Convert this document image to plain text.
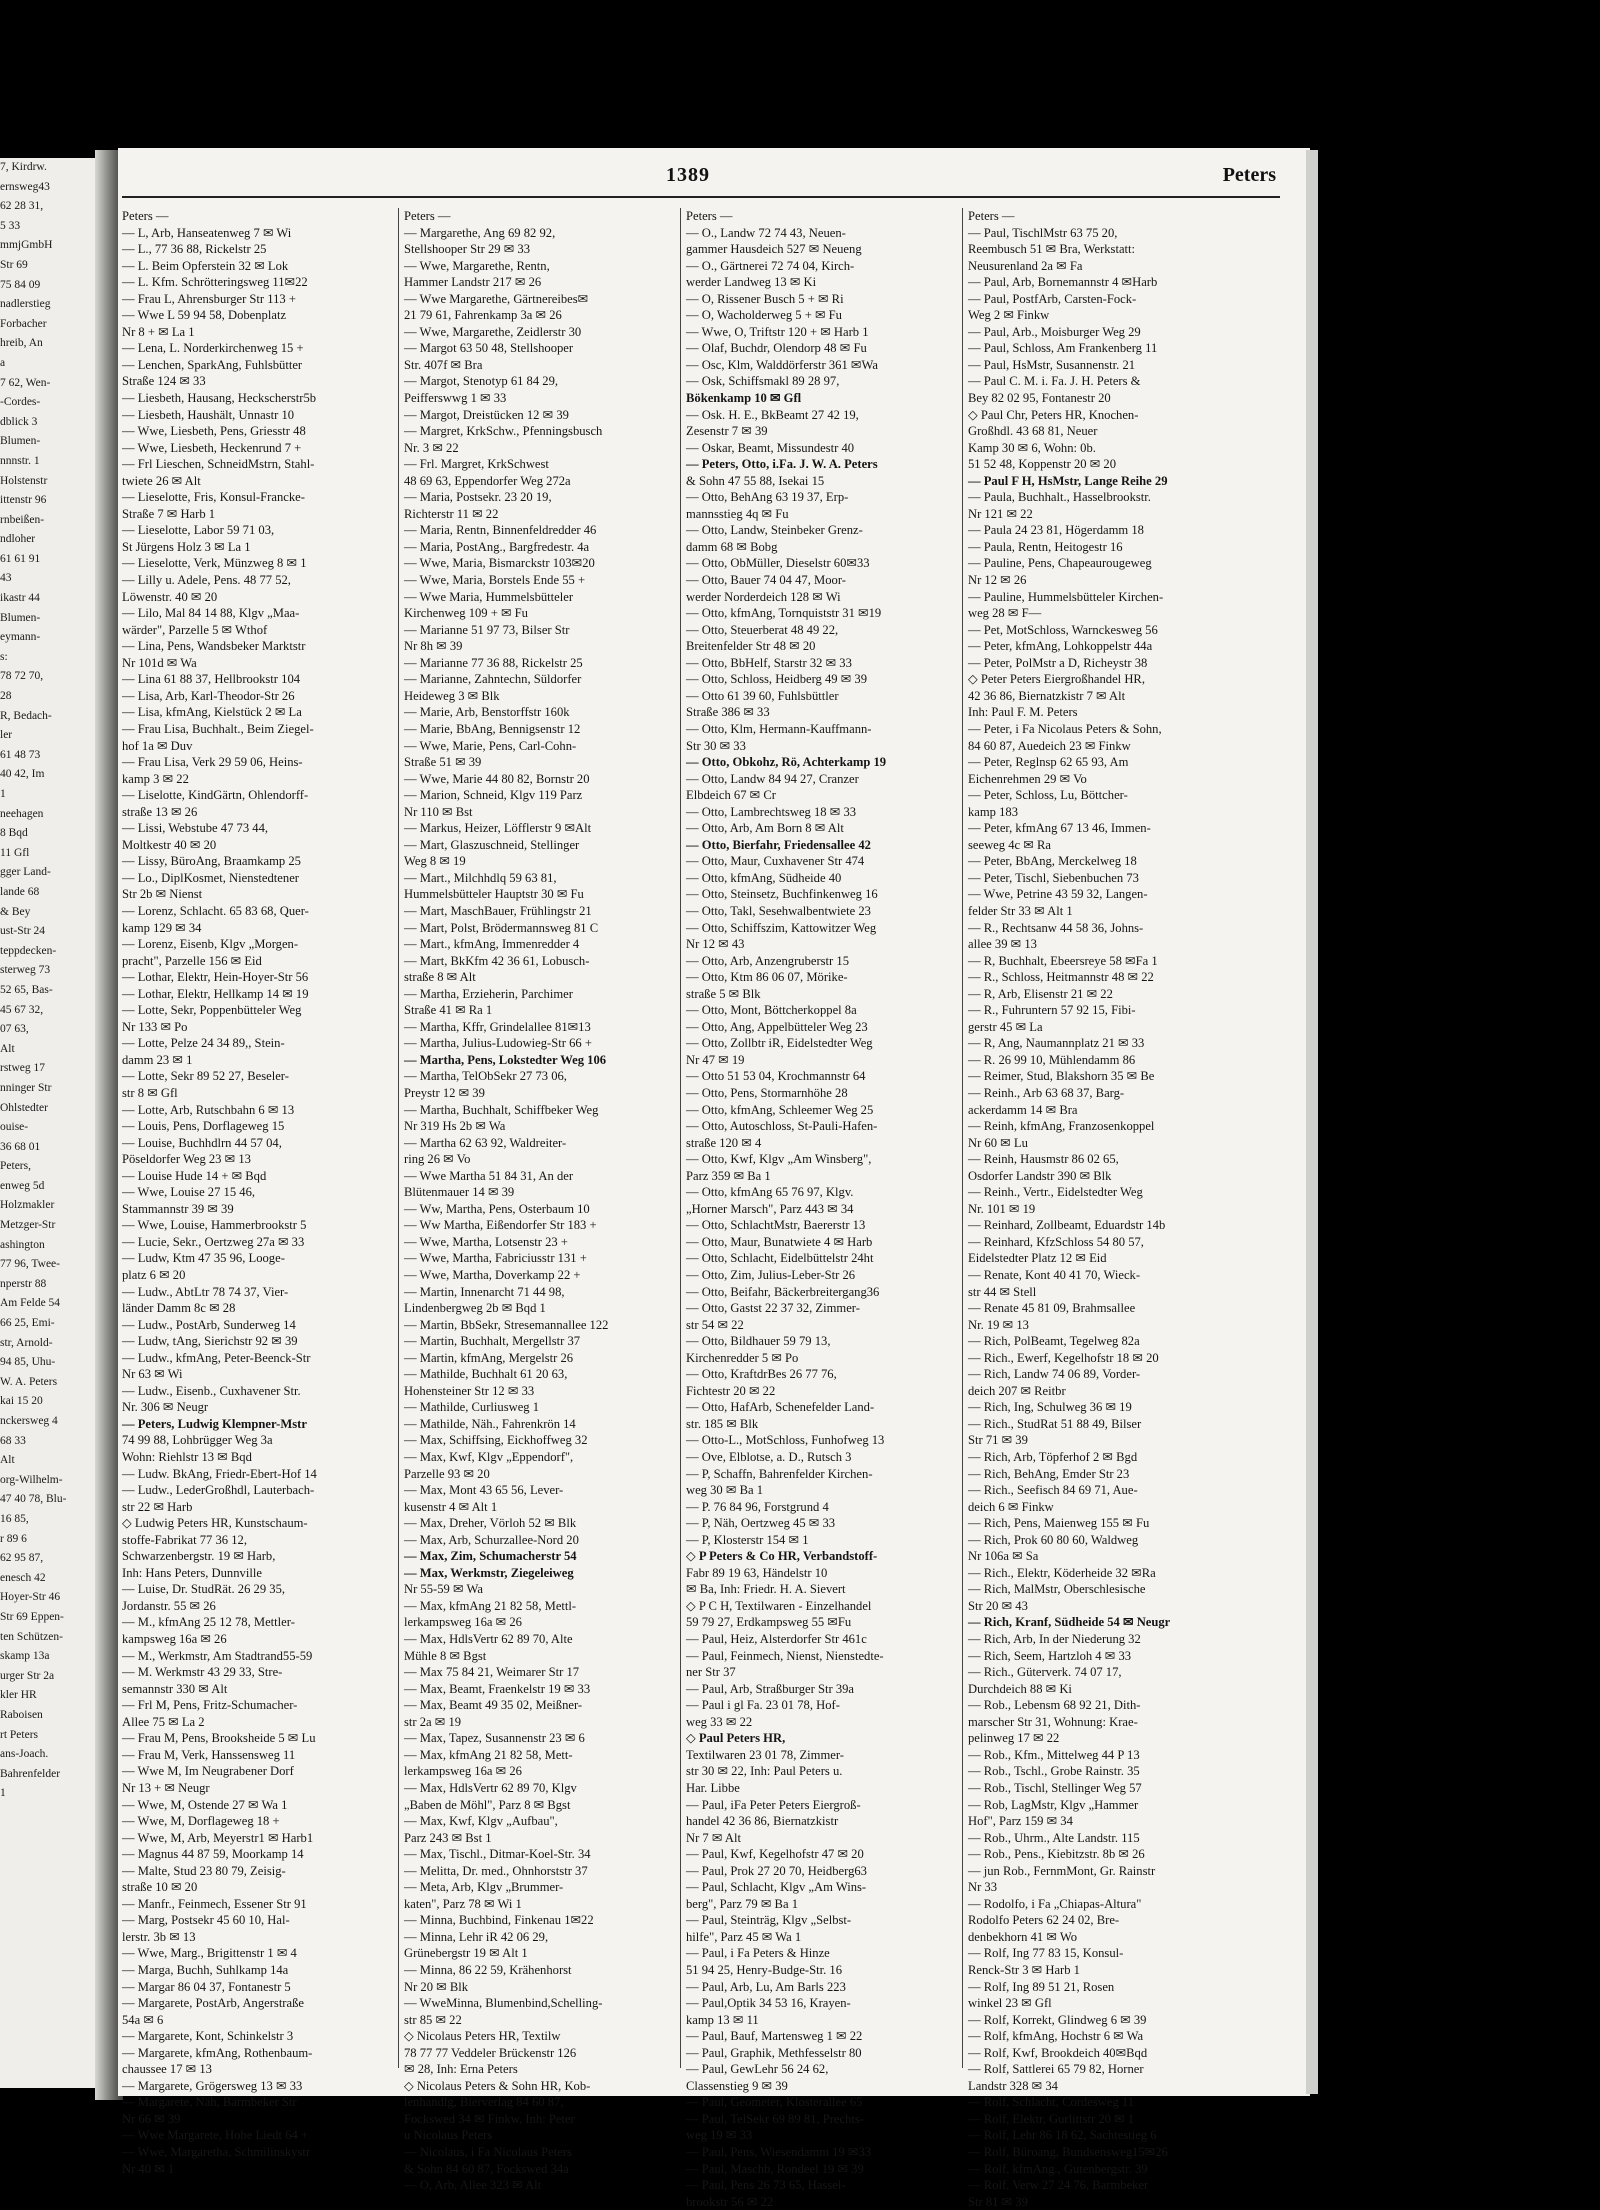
7, Kirdrw.
ernsweg43
62 28 31,
5 33
mmjGmbH
Str 69
75 84 09
nadlerstieg
Forbacher
hreib, An
a
7 62, Wen-
-Cordes-
dblick 3
Blumen-
nnnstr. 1
Holstenstr
ittenstr 96
rnbeißen-
ndloher
61 61 91
43
ikastr 44
Blumen-
eymann-
s:
78 72 70,
28
R, Bedach-
ler
61 48 73
40 42, Im
1
neehagen
8 Bqd
11 Gfl
gger Land-
lande 68
& Bey
ust-Str 24
teppdecken-
sterweg 73
52 65, Bas-
45 67 32,
07 63,
Alt
rstweg 17
nninger Str
Ohlstedter
ouise-
36 68 01
Peters,
enweg 5d
Holzmakler
Metzger-Str
ashington
77 96, Twee-
nperstr 88
Am Felde 54
66 25, Emi-
str, Arnold-
94 85, Uhu-
W. A. Peters
kai 15 20
nckersweg 4
68 33
Alt
org-Wilhelm-
47 40 78, Blu-
16 85,
r 89 6
62 95 87,
enesch 42
Hoyer-Str 46
Str 69 Eppen-
ten Schützen-
skamp 13a
urger Str 2a
kler HR
Raboisen
rt Peters
ans-Joach.
Bahrenfelder
1
1389	Peters
Peters —
— L, Arb, Hanseatenweg 7 ✉ Wi
— L., 77 36 88, Rickelstr 25
— L. Beim Opferstein 32 ✉ Lok
— L. Kfm. Schrötteringsweg 11✉22
— Frau L, Ahrensburger Str 113 +
— Wwe L 59 94 58, Dobenplatz
Nr 8 + ✉ La 1
— Lena, L. Norderkirchenweg 15 +
— Lenchen, SparkAng, Fuhlsbütter
Straße 124 ✉ 33
— Liesbeth, Hausang, Heckscherstr5b
— Liesbeth, Haushält, Unnastr 10
— Wwe, Liesbeth, Pens, Griesstr 48
— Wwe, Liesbeth, Heckenrund 7 +
— Frl Lieschen, SchneidMstrn, Stahl-
twiete 26 ✉ Alt
— Lieselotte, Fris, Konsul-Francke-
Straße 7 ✉ Harb 1
— Lieselotte, Labor 59 71 03,
St Jürgens Holz 3 ✉ La 1
— Lieselotte, Verk, Münzweg 8 ✉ 1
— Lilly u. Adele, Pens. 48 77 52,
Löwenstr. 40 ✉ 20
— Lilo, Mal 84 14 88, Klgv „Maa-
wärder", Parzelle 5 ✉ Wthof
— Lina, Pens, Wandsbeker Marktstr
Nr 101d ✉ Wa
— Lina 61 88 37, Hellbrookstr 104
— Lisa, Arb, Karl-Theodor-Str 26
— Lisa, kfmAng, Kielstück 2 ✉ La
— Frau Lisa, Buchhalt., Beim Ziegel-
hof 1a ✉ Duv
— Frau Lisa, Verk 29 59 06, Heins-
kamp 3 ✉ 22
— Liselotte, KindGärtn, Ohlendorff-
straße 13 ✉ 26
— Lissi, Webstube 47 73 44,
Moltkestr 40 ✉ 20
— Lissy, BüroAng, Braamkamp 25
— Lo., DiplKosmet, Nienstedtener
Str 2b ✉ Nienst
— Lorenz, Schlacht. 65 83 68, Quer-
kamp 129 ✉ 34
— Lorenz, Eisenb, Klgv „Morgen-
pracht", Parzelle 156 ✉ Eid
— Lothar, Elektr, Hein-Hoyer-Str 56
— Lothar, Elektr, Hellkamp 14 ✉ 19
— Lotte, Sekr, Poppenbütteler Weg
Nr 133 ✉ Po
— Lotte, Pelze 24 34 89,, Stein-
damm 23 ✉ 1
— Lotte, Sekr 89 52 27, Beseler-
str 8 ✉ Gfl
— Lotte, Arb, Rutschbahn 6 ✉ 13
— Louis, Pens, Dorflageweg 15
— Louise, Buchhdlrn 44 57 04,
Pöseldorfer Weg 23 ✉ 13
— Louise Hude 14 + ✉ Bqd
— Wwe, Louise 27 15 46,
Stammannstr 39 ✉ 39
— Wwe, Louise, Hammerbrookstr 5
— Lucie, Sekr., Oertzweg 27a ✉ 33
— Ludw, Ktm 47 35 96, Looge-
platz 6 ✉ 20
— Ludw., AbtLtr 78 74 37, Vier-
länder Damm 8c ✉ 28
— Ludw., PostArb, Sunderweg 14
— Ludw, tAng, Sierichstr 92 ✉ 39
— Ludw., kfmAng, Peter-Beenck-Str
Nr 63 ✉ Wi
— Ludw., Eisenb., Cuxhavener Str.
Nr. 306 ✉ Neugr
— Peters, Ludwig Klempner-Mstr
74 99 88, Lohbrügger Weg 3a
Wohn: Riehlstr 13 ✉ Bqd
— Ludw. BkAng, Friedr-Ebert-Hof 14
— Ludw., LederGroßhdl, Lauterbach-
str 22 ✉ Harb
◇ Ludwig Peters HR, Kunstschaum-
stoffe-Fabrikat 77 36 12,
Schwarzenbergstr. 19 ✉ Harb,
Inh: Hans Peters, Dunnville
— Luise, Dr. StudRät. 26 29 35,
Jordanstr. 55 ✉ 26
— M., kfmAng 25 12 78, Mettler-
kampsweg 16a ✉ 26
— M., Werkmstr, Am Stadtrand55-59
— M. Werkmstr 43 29 33, Stre-
semannstr 330 ✉ Alt
— Frl M, Pens, Fritz-Schumacher-
Allee 75 ✉ La 2
— Frau M, Pens, Brooksheide 5 ✉ Lu
— Frau M, Verk, Hanssensweg 11
— Wwe M, Im Neugrabener Dorf
Nr 13 + ✉ Neugr
— Wwe, M, Ostende 27 ✉ Wa 1
— Wwe, M, Dorflageweg 18 +
— Wwe, M, Arb, Meyerstr1 ✉ Harb1
— Magnus 44 87 59, Moorkamp 14
— Malte, Stud 23 80 79, Zeisig-
straße 10 ✉ 20
— Manfr., Feinmech, Essener Str 91
— Marg, Postsekr 45 60 10, Hal-
lerstr. 3b ✉ 13
— Wwe, Marg., Brigittenstr 1 ✉ 4
— Marga, Buchh, Suhlkamp 14a
— Margar 86 04 37, Fontanestr 5
— Margarete, PostArb, Angerstraße
54a ✉ 6
— Margarete, Kont, Schinkelstr 3
— Margarete, kfmAng, Rothenbaum-
chaussee 17 ✉ 13
— Margarete, Grögersweg 13 ✉ 33
— Margarete, Näh, Barmbeker Str
Nr 66 ✉ 39
— Wwe Margarete, Hohe Liedt 64 +
— Wwe, Margaretha, Schmilinskystr
Nr 40 ✉ 1
Peters —
— Margarethe, Ang 69 82 92,
Stellshooper Str 29 ✉ 33
— Wwe, Margarethe, Rentn,
Hammer Landstr 217 ✉ 26
— Wwe Margarethe, Gärtnereibes✉
21 79 61, Fahrenkamp 3a ✉ 26
— Wwe, Margarethe, Zeidlerstr 30
— Margot 63 50 48, Stellshooper
Str. 407f ✉ Bra
— Margot, Stenotyp 61 84 29,
Peifferswwg 1 ✉ 33
— Margot, Dreistücken 12 ✉ 39
— Margret, KrkSchw., Pfenningsbusch
Nr. 3 ✉ 22
— Frl. Margret, KrkSchwest
48 69 63, Eppendorfer Weg 272a
— Maria, Postsekr. 23 20 19,
Richterstr 11 ✉ 22
— Maria, Rentn, Binnenfeldredder 46
— Maria, PostAng., Bargfredestr. 4a
— Wwe, Maria, Bismarckstr 103✉20
— Wwe, Maria, Borstels Ende 55 +
— Wwe Maria, Hummelsbütteler
Kirchenweg 109 + ✉ Fu
— Marianne 51 97 73, Bilser Str
Nr 8h ✉ 39
— Marianne 77 36 88, Rickelstr 25
— Marianne, Zahntechn, Süldorfer
Heideweg 3 ✉ Blk
— Marie, Arb, Benstorffstr 160k
— Marie, BbAng, Bennigsenstr 12
— Wwe, Marie, Pens, Carl-Cohn-
Straße 51 ✉ 39
— Wwe, Marie 44 80 82, Bornstr 20
— Marion, Schneid, Klgv 119 Parz
Nr 110 ✉ Bst
— Markus, Heizer, Löfflerstr 9 ✉Alt
— Mart, Glaszuschneid, Stellinger
Weg 8 ✉ 19
— Mart., Milchhdlq 59 63 81,
Hummelsbütteler Hauptstr 30 ✉ Fu
— Mart, MaschBauer, Frühlingstr 21
— Mart, Polst, Brödermannsweg 81 C
— Mart., kfmAng, Immenredder 4
— Mart, BkKfm 42 36 61, Lobusch-
straße 8 ✉ Alt
— Martha, Erzieherin, Parchimer
Straße 41 ✉ Ra 1
— Martha, Kffr, Grindelallee 81✉13
— Martha, Julius-Ludowieg-Str 66 +
— Martha, Pens, Lokstedter Weg 106
— Martha, TelObSekr 27 73 06,
Preystr 12 ✉ 39
— Martha, Buchhalt, Schiffbeker Weg
Nr 319 Hs 2b ✉ Wa
— Martha 62 63 92, Waldreiter-
ring 26 ✉ Vo
— Wwe Martha 51 84 31, An der
Blütenmauer 14 ✉ 39
— Ww, Martha, Pens, Osterbaum 10
— Ww Martha, Eißendorfer Str 183 +
— Wwe, Martha, Lotsenstr 23 +
— Wwe, Martha, Fabriciusstr 131 +
— Wwe, Martha, Doverkamp 22 +
— Martin, Innenarcht 71 44 98,
Lindenbergweg 2b ✉ Bqd 1
— Martin, BbSekr, Stresemannallee 122
— Martin, Buchhalt, Mergellstr 37
— Martin, kfmAng, Mergelstr 26
— Mathilde, Buchhalt 61 20 63,
Hohensteiner Str 12 ✉ 33
— Mathilde, Curliusweg 1
— Mathilde, Näh., Fahrenkrön 14
— Max, Schiffsing, Eickhoffweg 32
— Max, Kwf, Klgv „Eppendorf",
Parzelle 93 ✉ 20
— Max, Mont 43 65 56, Lever-
kusenstr 4 ✉ Alt 1
— Max, Dreher, Vörloh 52 ✉ Blk
— Max, Arb, Schurzallee-Nord 20
— Max, Zim, Schumacherstr 54
— Max, Werkmstr, Ziegeleiweg
Nr 55-59 ✉ Wa
— Max, kfmAng 21 82 58, Mettl-
lerkampsweg 16a ✉ 26
— Max, HdlsVertr 62 89 70, Alte
Mühle 8 ✉ Bgst
— Max 75 84 21, Weimarer Str 17
— Max, Beamt, Fraenkelstr 19 ✉ 33
— Max, Beamt 49 35 02, Meißner-
str 2a ✉ 19
— Max, Tapez, Susannenstr 23 ✉ 6
— Max, kfmAng 21 82 58, Mett-
lerkampsweg 16a ✉ 26
— Max, HdlsVertr 62 89 70, Klgv
„Baben de Möhl", Parz 8 ✉ Bgst
— Max, Kwf, Klgv „Aufbau",
Parz 243 ✉ Bst 1
— Max, Tischl., Ditmar-Koel-Str. 34
— Melitta, Dr. med., Ohnhorststr 37
— Meta, Arb, Klgv „Brummer-
katen", Parz 78 ✉ Wi 1
— Minna, Buchbind, Finkenau 1✉22
— Minna, Lehr iR 42 06 29,
Grünebergstr 19 ✉ Alt 1
— Minna, 86 22 59, Krähenhorst
Nr 20 ✉ Blk
— WweMinna, Blumenbind,Schelling-
str 85 ✉ 22
◇ Nicolaus Peters HR, Textilw
78 77 77 Veddeler Brückenstr 126
✉ 28, Inh: Erna Peters
◇ Nicolaus Peters & Sohn HR, Kob-
lenhandlg, Bierverlag 84 60 87,
Fockswed 34 ✉ Finkw, Inh: Peter
u Nicolaus Peters
— Nicolaus, i Fa Nicolaus Peters
& Sohn 84 60 87, Fockswed 34a
— O, Arb, Allee 323 ✉ Alt
Peters —
— O., Landw 72 74 43, Neuen-
gammer Hausdeich 527 ✉ Neueng
— O., Gärtnerei 72 74 04, Kirch-
werder Landweg 13 ✉ Ki
— O, Rissener Busch 5 + ✉ Ri
— O, Wacholderweg 5 + ✉ Fu
— Wwe, O, Triftstr 120 + ✉ Harb 1
— Olaf, Buchdr, Olendorp 48 ✉ Fu
— Osc, Klm, Walddörferstr 361 ✉Wa
— Osk, Schiffsmakl 89 28 97,
Bökenkamp 10 ✉ Gfl
— Osk. H. E., BkBeamt 27 42 19,
Zesenstr 7 ✉ 39
— Oskar, Beamt, Missundestr 40
— Peters, Otto, i.Fa. J. W. A. Peters
& Sohn 47 55 88, Isekai 15
— Otto, BehAng 63 19 37, Erp-
mannsstieg 4q ✉ Fu
— Otto, Landw, Steinbeker Grenz-
damm 68 ✉ Bobg
— Otto, ObMüller, Dieselstr 60✉33
— Otto, Bauer 74 04 47, Moor-
werder Norderdeich 128 ✉ Wi
— Otto, kfmAng, Tornquiststr 31 ✉19
— Otto, Steuerberat 48 49 22,
Breitenfelder Str 48 ✉ 20
— Otto, BbHelf, Starstr 32 ✉ 33
— Otto, Schloss, Heidberg 49 ✉ 39
— Otto 61 39 60, Fuhlsbüttler
Straße 386 ✉ 33
— Otto, Klm, Hermann-Kauffmann-
Str 30 ✉ 33
— Otto, Obkohz, Rö, Achterkamp 19
— Otto, Landw 84 94 27, Cranzer
Elbdeich 67 ✉ Cr
— Otto, Lambrechtsweg 18 ✉ 33
— Otto, Arb, Am Born 8 ✉ Alt
— Otto, Bierfahr, Friedensallee 42
— Otto, Maur, Cuxhavener Str 474
— Otto, kfmAng, Südheide 40
— Otto, Steinsetz, Buchfinkenweg 16
— Otto, Takl, Sesehwalbentwiete 23
— Otto, Schiffszim, Kattowitzer Weg
Nr 12 ✉ 43
— Otto, Arb, Anzengruberstr 15
— Otto, Ktm 86 06 07, Mörike-
straße 5 ✉ Blk
— Otto, Mont, Böttcherkoppel 8a
— Otto, Ang, Appelbütteler Weg 23
— Otto, Zollbtr iR, Eidelstedter Weg
Nr 47 ✉ 19
— Otto 51 53 04, Krochmannstr 64
— Otto, Pens, Stormarnhöhe 28
— Otto, kfmAng, Schleemer Weg 25
— Otto, Autoschloss, St-Pauli-Hafen-
straße 120 ✉ 4
— Otto, Kwf, Klgv „Am Winsberg",
Parz 359 ✉ Ba 1
— Otto, kfmAng 65 76 97, Klgv.
„Horner Marsch", Parz 443 ✉ 34
— Otto, SchlachtMstr, Baererstr 13
— Otto, Maur, Bunatwiete 4 ✉ Harb
— Otto, Schlacht, Eidelbüttelstr 24ht
— Otto, Zim, Julius-Leber-Str 26
— Otto, Beifahr, Bäckerbreitergang36
— Otto, Gastst 22 37 32, Zimmer-
str 54 ✉ 22
— Otto, Bildhauer 59 79 13,
Kirchenredder 5 ✉ Po
— Otto, KraftdrBes 26 77 76,
Fichtestr 20 ✉ 22
— Otto, HafArb, Schenefelder Land-
str. 185 ✉ Blk
— Otto-L., MotSchloss, Funhofweg 13
— Ove, Elblotse, a. D., Rutsch 3
— P, Schaffn, Bahrenfelder Kirchen-
weg 30 ✉ Ba 1
— P. 76 84 96, Forstgrund 4
— P, Näh, Oertzweg 45 ✉ 33
— P, Klosterstr 154 ✉ 1
◇ P Peters & Co HR, Verbandstoff-
Fabr 89 19 63, Händelstr 10
✉ Ba, Inh: Friedr. H. A. Sievert
◇ P C H, Textilwaren - Einzelhandel
59 79 27, Erdkampsweg 55 ✉Fu
— Paul, Heiz, Alsterdorfer Str 461c
— Paul, Feinmech, Nienst, Nienstedte-
ner Str 37
— Paul, Arb, Straßburger Str 39a
— Paul i gl Fa. 23 01 78, Hof-
weg 33 ✉ 22
◇ Paul Peters HR,
Textilwaren 23 01 78, Zimmer-
str 30 ✉ 22, Inh: Paul Peters u.
Har. Libbe
— Paul, iFa Peter Peters Eiergroß-
handel 42 36 86, Biernatzkistr
Nr 7 ✉ Alt
— Paul, Kwf, Kegelhofstr 47 ✉ 20
— Paul, Prok 27 20 70, Heidberg63
— Paul, Schlacht, Klgv „Am Wins-
berg", Parz 79 ✉ Ba 1
— Paul, Steinträg, Klgv „Selbst-
hilfe", Parz 45 ✉ Wa 1
— Paul, i Fa Peters & Hinze
51 94 25, Henry-Budge-Str. 16
— Paul, Arb, Lu, Am Barls 223
— Paul,Optik 34 53 16, Krayen-
kamp 13 ✉ 11
— Paul, Bauf, Martensweg 1 ✉ 22
— Paul, Graphik, Methfesselstr 80
— Paul, GewLehr 56 24 62,
Classenstieg 9 ✉ 39
— Paul, Geometer, Klosterallee 65
— Paul, TelSekr 69 89 81, Prechts-
weg 19 ✉ 33
— Paul, Pens, Wiesendamm 19 ✉33
— Paul, Maschb, Rondeel 19 ✉ 39
— Paul, Pens 26 73 65, Hassel-
brookstr 56 ✉ 22
Peters —
— Paul, TischlMstr 63 75 20,
Reembusch 51 ✉ Bra, Werkstatt:
Neusurenland 2a ✉ Fa
— Paul, Arb, Bornemannstr 4 ✉Harb
— Paul, PostfArb, Carsten-Fock-
Weg 2 ✉ Finkw
— Paul, Arb., Moisburger Weg 29
— Paul, Schloss, Am Frankenberg 11
— Paul, HsMstr, Susannenstr. 21
— Paul C. M. i. Fa. J. H. Peters &
Bey 82 02 95, Fontanestr 20
◇ Paul Chr, Peters HR, Knochen-
Großhdl. 43 68 81, Neuer
Kamp 30 ✉ 6, Wohn: 0b.
51 52 48, Koppenstr 20 ✉ 20
— Paul F H, HsMstr, Lange Reihe 29
— Paula, Buchhalt., Hasselbrookstr.
Nr 121 ✉ 22
— Paula 24 23 81, Högerdamm 18
— Paula, Rentn, Heitogestr 16
— Pauline, Pens, Chapeaurougeweg
Nr 12 ✉ 26
— Pauline, Hummelsbütteler Kirchen-
weg 28 ✉ F—
— Pet, MotSchloss, Warnckesweg 56
— Peter, kfmAng, Lohkoppelstr 44a
— Peter, PolMstr a D, Richeystr 38
◇ Peter Peters Eiergroßhandel HR,
42 36 86, Biernatzkistr 7 ✉ Alt
Inh: Paul F. M. Peters
— Peter, i Fa Nicolaus Peters & Sohn,
84 60 87, Auedeich 23 ✉ Finkw
— Peter, Reglnsp 62 65 93, Am
Eichenrehmen 29 ✉ Vo
— Peter, Schloss, Lu, Böttcher-
kamp 183
— Peter, kfmAng 67 13 46, Immen-
seeweg 4c ✉ Ra
— Peter, BbAng, Merckelweg 18
— Peter, Tischl, Siebenbuchen 73
— Wwe, Petrine 43 59 32, Langen-
felder Str 33 ✉ Alt 1
— R., Rechtsanw 44 58 36, Johns-
allee 39 ✉ 13
— R, Buchhalt, Ebeersreye 58 ✉Fa 1
— R., Schloss, Heitmannstr 48 ✉ 22
— R, Arb, Elisenstr 21 ✉ 22
— R., Fuhruntern 57 92 15, Fibi-
gerstr 45 ✉ La
— R, Ang, Naumannplatz 21 ✉ 33
— R. 26 99 10, Mühlendamm 86
— Reimer, Stud, Blakshorn 35 ✉ Be
— Reinh., Arb 63 68 37, Barg-
ackerdamm 14 ✉ Bra
— Reinh, kfmAng, Franzosenkoppel
Nr 60 ✉ Lu
— Reinh, Hausmstr 86 02 65,
Osdorfer Landstr 390 ✉ Blk
— Reinh., Vertr., Eidelstedter Weg
Nr. 101 ✉ 19
— Reinhard, Zollbeamt, Eduardstr 14b
— Reinhard, KfzSchloss 54 80 57,
Eidelstedter Platz 12 ✉ Eid
— Renate, Kont 40 41 70, Wieck-
str 44 ✉ Stell
— Renate 45 81 09, Brahmsallee
Nr. 19 ✉ 13
— Rich, PolBeamt, Tegelweg 82a
— Rich., Ewerf, Kegelhofstr 18 ✉ 20
— Rich, Landw 74 06 89, Vorder-
deich 207 ✉ Reitbr
— Rich, Ing, Schulweg 36 ✉ 19
— Rich., StudRat 51 88 49, Bilser
Str 71 ✉ 39
— Rich, Arb, Töpferhof 2 ✉ Bgd
— Rich, BehAng, Emder Str 23
— Rich., Seefisch 84 69 71, Aue-
deich 6 ✉ Finkw
— Rich, Pens, Maienweg 155 ✉ Fu
— Rich, Prok 60 80 60, Waldweg
Nr 106a ✉ Sa
— Rich., Elektr, Köderheide 32 ✉Ra
— Rich, MalMstr, Oberschlesische
Str 20 ✉ 43
— Rich, Kranf, Südheide 54 ✉ Neugr
— Rich, Arb, In der Niederung 32
— Rich, Seem, Hartzloh 4 ✉ 33
— Rich., Güterverk. 74 07 17,
Durchdeich 88 ✉ Ki
— Rob., Lebensm 68 92 21, Dith-
marscher Str 31, Wohnung: Kraе-
pelinweg 17 ✉ 22
— Rob., Kfm., Mittelweg 44 P 13
— Rob., Tschl., Grobe Rainstr. 35
— Rob., Tischl, Stellinger Weg 57
— Rob, LagMstr, Klgv „Hammer
Hof", Parz 159 ✉ 34
— Rob., Uhrm., Alte Landstr. 115
— Rob., Pens., Kiebitzstr. 8b ✉ 26
— jun Rob., FernmMont, Gr. Rainstr
Nr 33
— Rodolfo, i Fa „Chiapas-Altura"
Rodolfo Peters 62 24 02, Bre-
denbekhorn 41 ✉ Wo
— Rolf, Ing 77 83 15, Konsul-
Renck-Str 3 ✉ Harb 1
— Rolf, Ing 89 51 21, Rosen
winkel 23 ✉ Gfl
— Rolf, Korrekt, Glindweg 6 ✉ 39
— Rolf, kfmAng, Hochstr 6 ✉ Wa
— Rolf, Kwf, Brookdeich 40✉Bqd
— Rolf, Sattlerei 65 79 82, Horner
Landstr 328 ✉ 34
— Rolf, Schlacht, Cordesweg 11
— Rolf, Elektr, Gurlittstr 20 ✉ 1
— Rolf, Lehr 86 18 62, Sachtestieg 6
— Rolf, Büroang, Bundsensweg15✉26
— Rolf, kfmAng., Gutenbergstr. 39
— Rolf, Verw 27 24 76, Barmbeker
Str 81 ✉ 39
